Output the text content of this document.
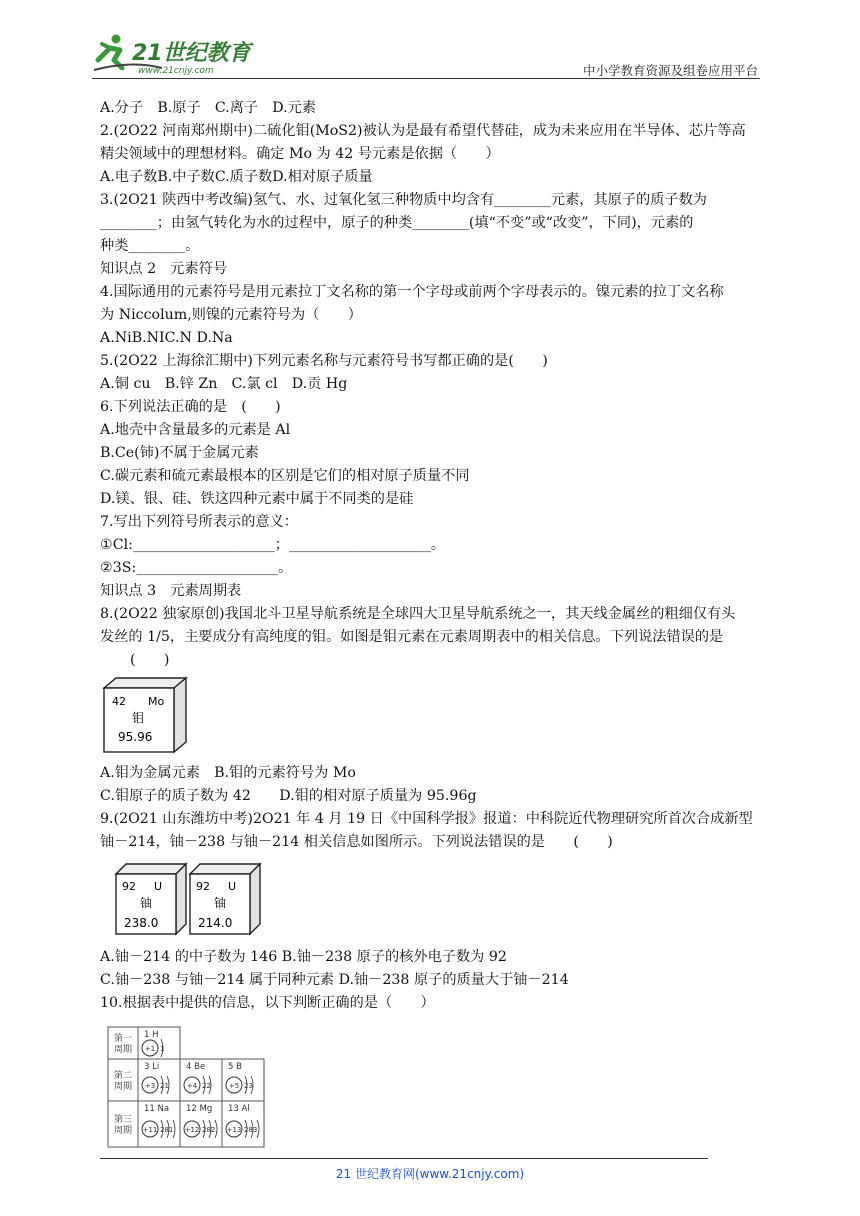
21世纪教育
www.21cnjy.com	中小学教育资源及组卷应用平台
A.分子　B.原子　C.离子　D.元素
2.(2O22 河南郑州期中)二硫化钼(MoS2)被认为是最有希望代替硅，成为未来应用在半导体、芯片等高
精尖领域中的理想材料。确定 Mo 为 42 号元素是依据（　　）
A.电子数B.中子数C.质子数D.相对原子质量
3.(2O21 陕西中考改编)氢气、水、过氧化氢三种物质中均含有________元素，其原子的质子数为
________；由氢气转化为水的过程中，原子的种类________(填“不变”或“改变”，下同)，元素的
种类________。
知识点 2　元素符号
4.国际通用的元素符号是用元素拉丁文名称的第一个字母或前两个字母表示的。镍元素的拉丁文名称
为 Niccolum,则镍的元素符号为（　　）
A.NiB.NIC.N D.Na
5.(2O22 上海徐汇期中)下列元素名称与元素符号书写都正确的是(　　)
A.铜 cu　B.锌 Zn　C.氯 cl　D.贡 Hg
6.下列说法正确的是　(　　)
A.地壳中含量最多的元素是 Al
B.Ce(铈)不属于金属元素
C.碳元素和硫元素最根本的区别是它们的相对原子质量不同
D.镁、银、硅、铁这四种元素中属于不同类的是硅
7.写出下列符号所表示的意义：
①Cl:____________________；____________________。
②3S:____________________。
知识点 3　元素周期表
8.(2O22 独家原创)我国北斗卫星导航系统是全球四大卫星导航系统之一，其天线金属丝的粗细仅有头
发丝的 1/5，主要成分有高纯度的钼。如图是钼元素在元素周期表中的相关信息。下列说法错误的是
(　　)
42 Mo
钼
95.96
A.钼为金属元素　B.钼的元素符号为 Mo
C.钼原子的质子数为 42　　D.钼的相对原子质量为 95.96g
9.(2O21 山东潍坊中考)2O21 年 4 月 19 日《中国科学报》报道：中科院近代物理研究所首次合成新型
铀－214，铀－238 与铀－214 相关信息如图所示。下列说法错误的是　　(　　)
92 U
铀
238.0
92 U
铀
214.0
A.铀－214 的中子数为 146 B.铀－238 原子的核外电子数为 92
C.铀－238 与铀－214 属于同种元素 D.铀－238 原子的质量大于铀－214
10.根据表中提供的信息，以下判断正确的是（　　）
第一
周期
1 H
+1 1
第二
周期
3 Li
+3 21
4 Be
+4 22
5 B
+5 23
第三
周期
11 Na
+11 281
12 Mg
+12 282
13 Al
+13 283
21 世纪教育网(www.21cnjy.com)
